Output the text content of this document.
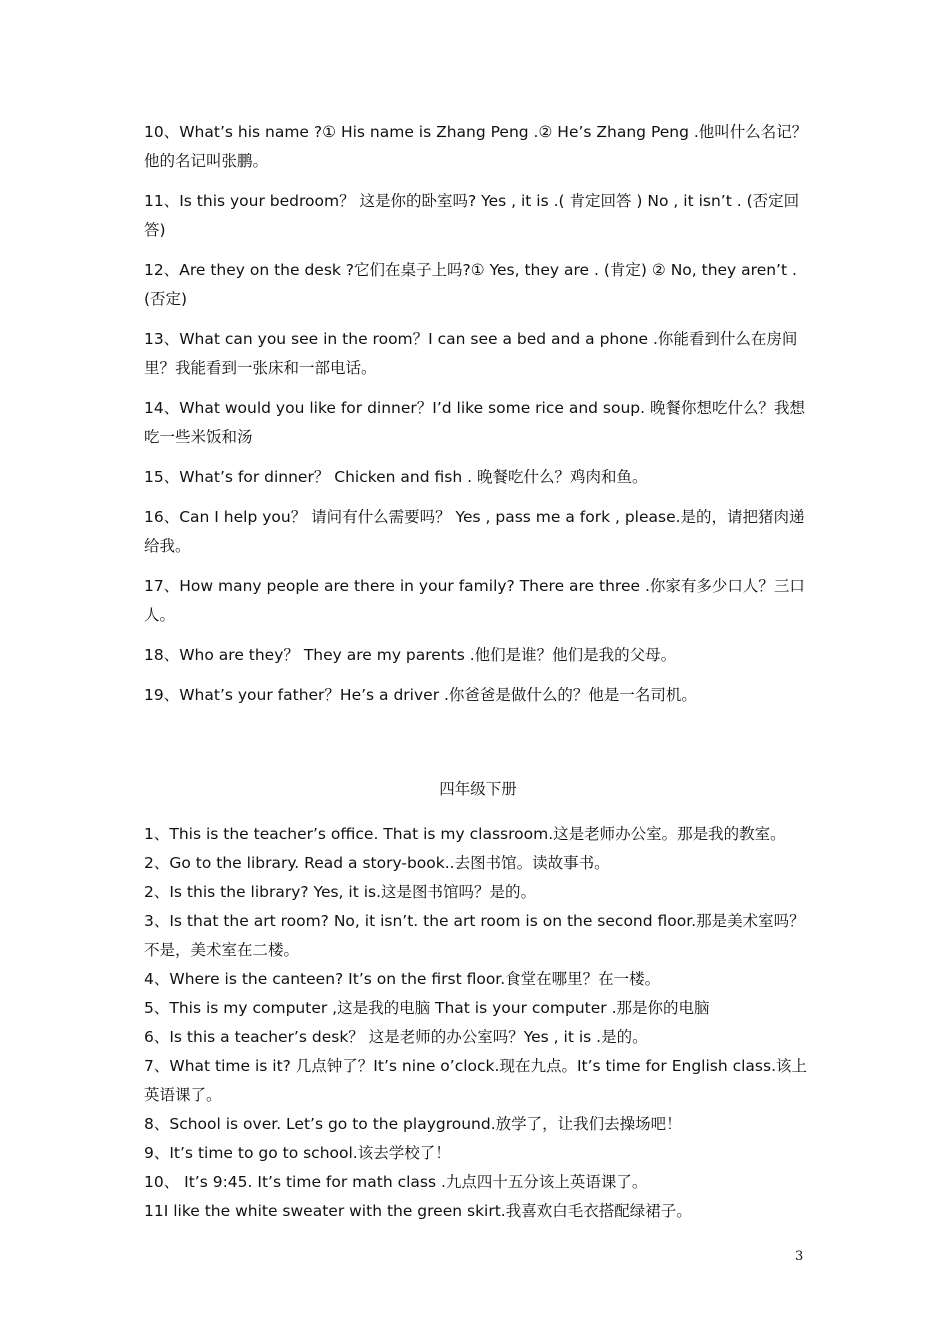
10、What’s his name ?① His name is Zhang Peng .② He’s Zhang Peng .他叫什么名记？他的名记叫张鹏。

11、Is this your bedroom？ 这是你的卧室吗? Yes , it is .( 肯定回答 ) No , it isn’t . (否定回答)

12、Are they on the desk ?它们在桌子上吗?① Yes, they are . (肯定) ② No, they aren’t . (否定)

13、What can you see in the room？I can see a bed and a phone .你能看到什么在房间里？我能看到一张床和一部电话。

14、What would you like for dinner？I’d like some rice and soup. 晚餐你想吃什么？我想吃一些米饭和汤

15、What’s for dinner？ Chicken and fish . 晚餐吃什么？鸡肉和鱼。

16、Can I help you？ 请问有什么需要吗？ Yes , pass me a fork , please.是的，请把猪肉递给我。

17、How many people are there in your family? There are three .你家有多少口人？三口人。

18、Who are they？ They are my parents .他们是谁？他们是我的父母。

19、What’s your father？He’s a driver .你爸爸是做什么的？他是一名司机。

四年级下册

1、This is the teacher’s office. That is my classroom.这是老师办公室。那是我的教室。

2、Go to the library. Read a story-book..去图书馆。读故事书。

2、Is this the library? Yes, it is.这是图书馆吗？是的。

3、Is that the art room? No, it isn’t. the art room is on the second floor.那是美术室吗？不是，美术室在二楼。

4、Where is the canteen? It’s on the first floor.食堂在哪里？在一楼。

5、This is my computer ,这是我的电脑 That is your computer .那是你的电脑

6、Is this a teacher’s desk？ 这是老师的办公室吗？Yes , it is .是的。

7、What time is it? 几点钟了？It’s nine o’clock.现在九点。It’s time for English class.该上英语课了。

8、School is over. Let’s go to the playground.放学了，让我们去操场吧！

9、It’s time to go to school.该去学校了！

10、 It’s 9:45. It’s time for math class .九点四十五分该上英语课了。

11I like the white sweater with the green skirt.我喜欢白毛衣搭配绿裙子。

3
